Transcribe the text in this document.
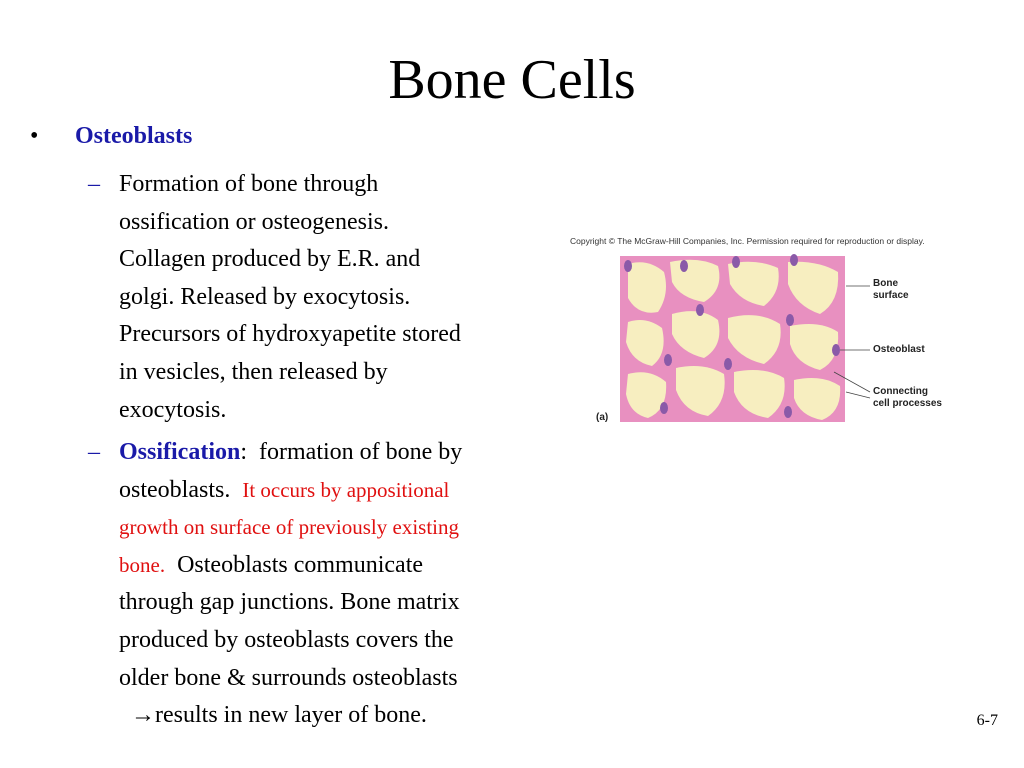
Bone Cells
•	Osteoblasts
– Formation of bone through
ossification or osteogenesis.
Collagen produced by E.R. and
golgi. Released by exocytosis.
Precursors of hydroxyapetite stored
in vesicles, then released by
exocytosis.
– Ossification:  formation of bone by
osteoblasts.  It occurs by appositional
growth on surface of previously existing
bone.  Osteoblasts communicate
through gap junctions. Bone matrix
produced by osteoblasts covers the
older bone & surrounds osteoblasts
→results in new layer of bone.
Copyright © The McGraw-Hill Companies, Inc. Permission required for reproduction or display.
Bone
surface
Osteoblast
Connecting
cell processes
(a)
6-7
